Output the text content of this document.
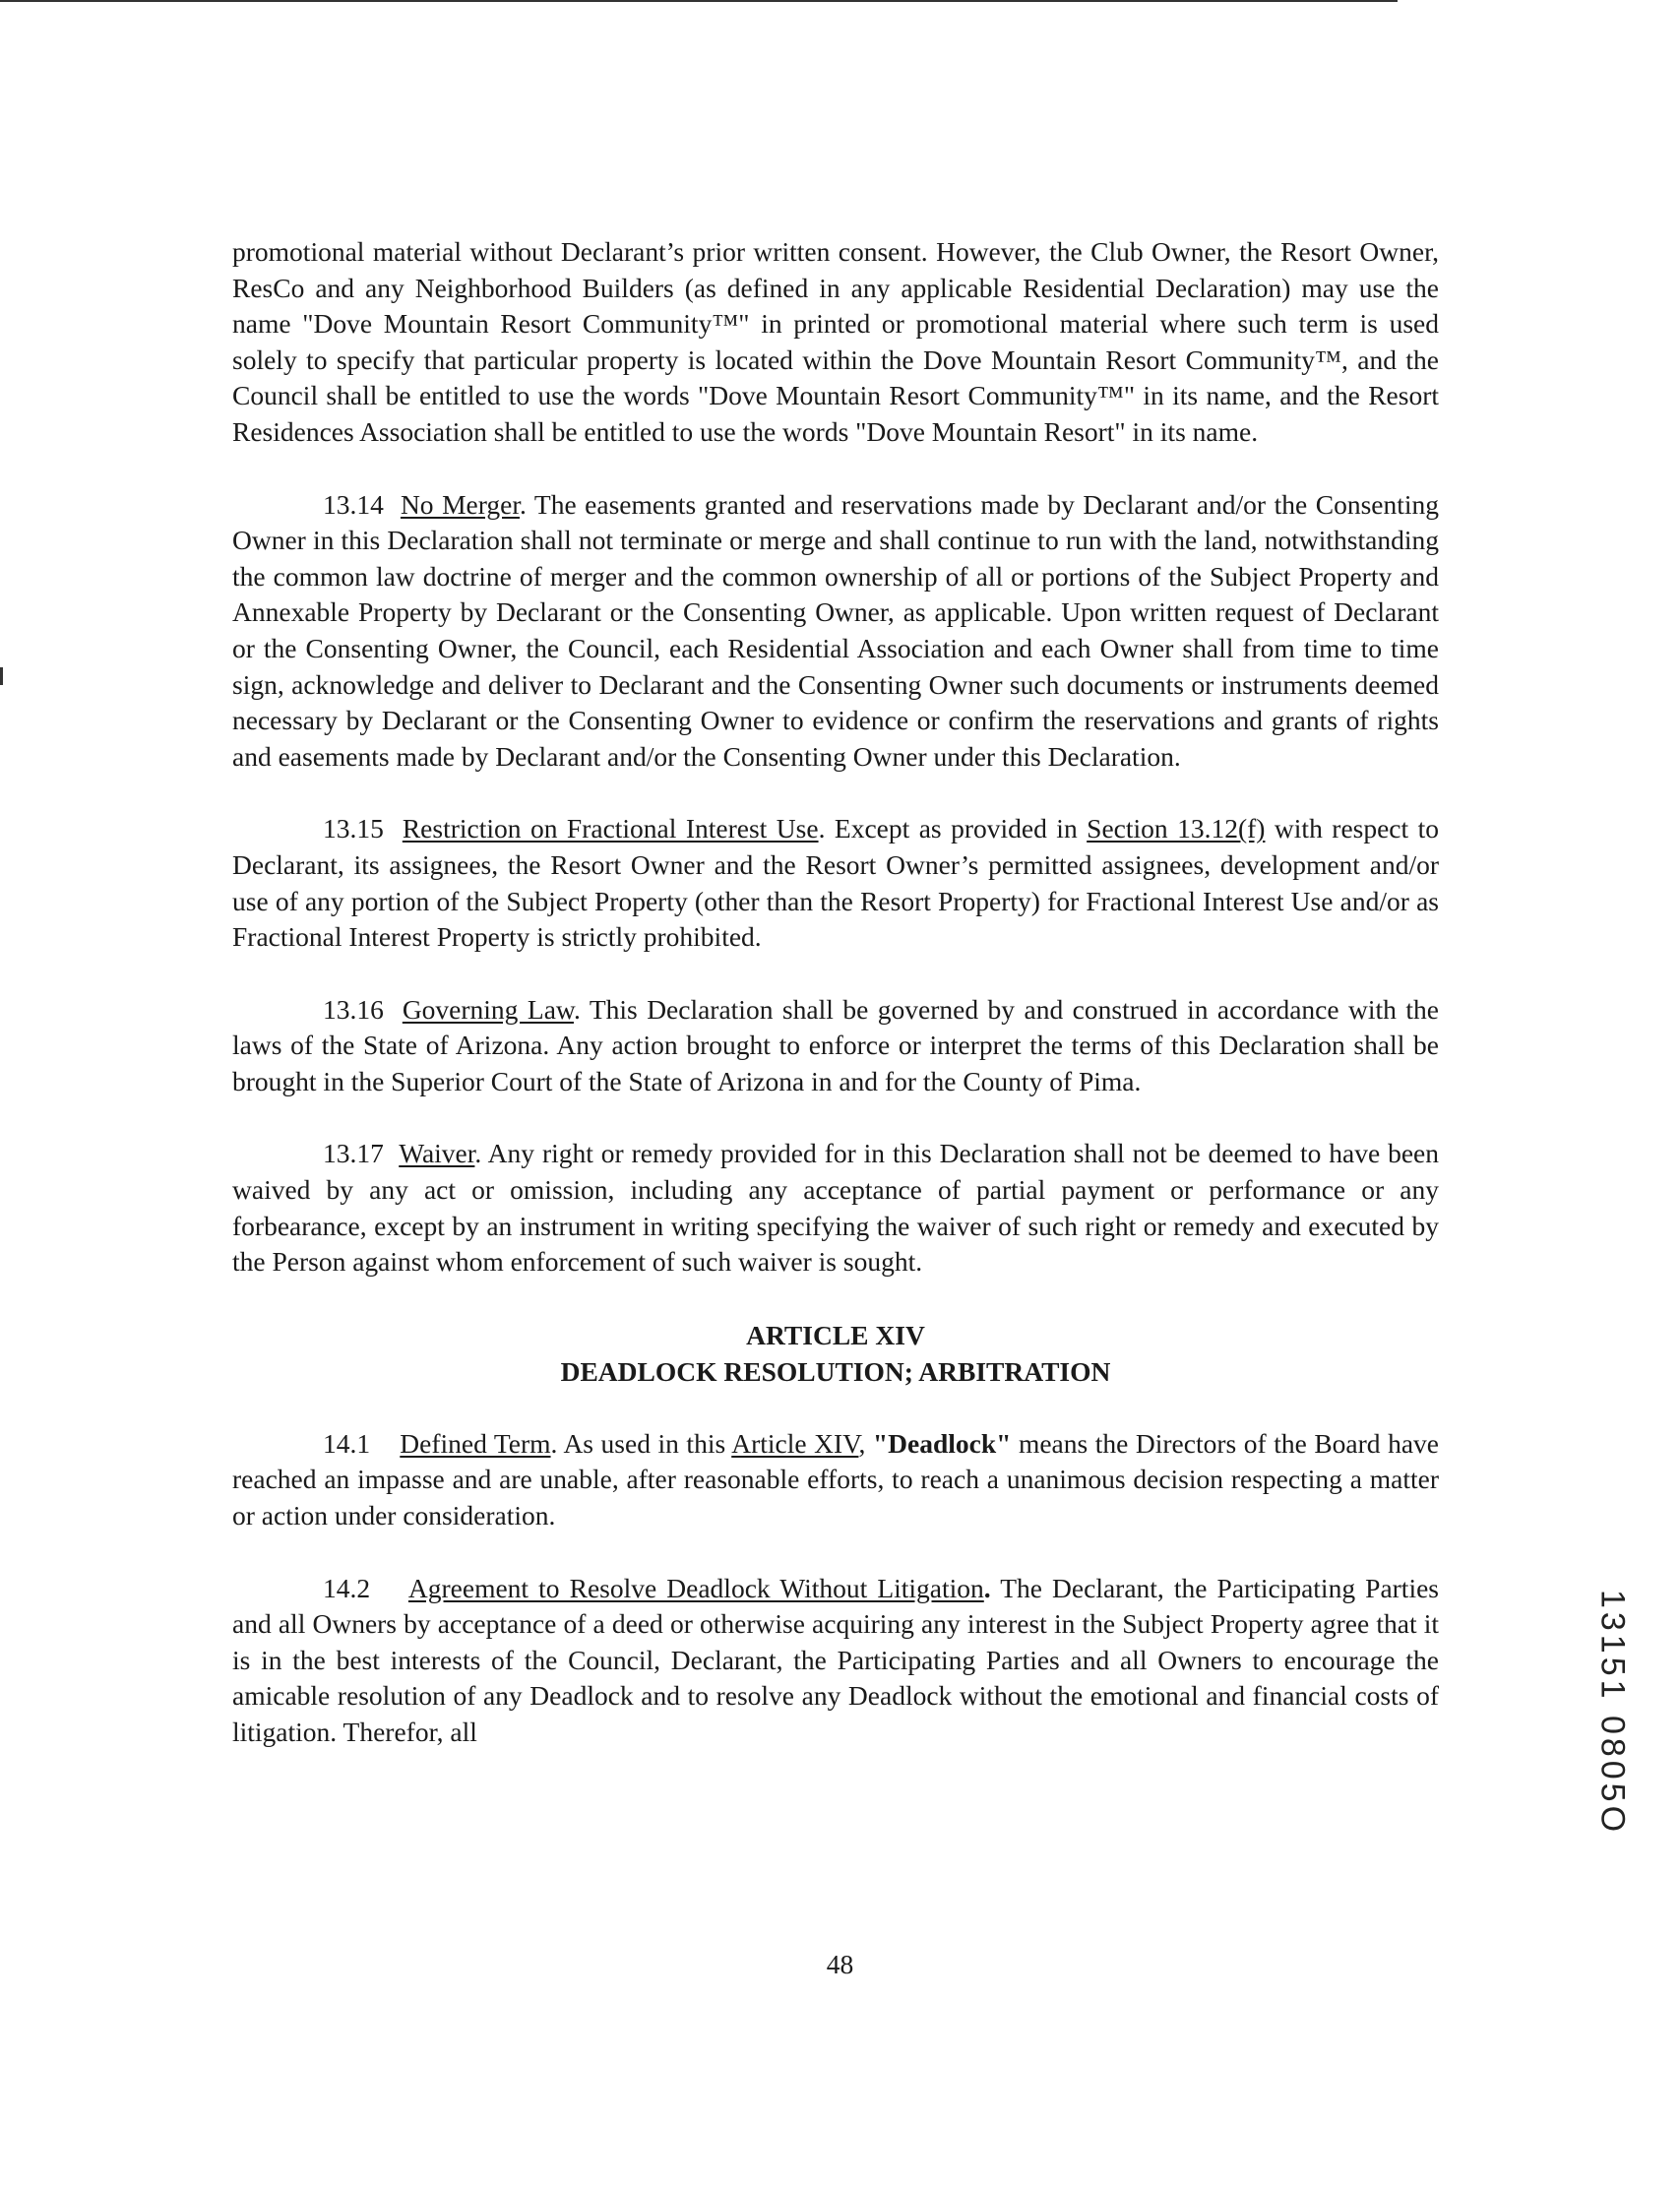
promotional material without Declarant’s prior written consent. However, the Club Owner, the Resort Owner, ResCo and any Neighborhood Builders (as defined in any applicable Residential Declaration) may use the name "Dove Mountain Resort Community™" in printed or promotional material where such term is used solely to specify that particular property is located within the Dove Mountain Resort Community™, and the Council shall be entitled to use the words "Dove Mountain Resort Community™" in its name, and the Resort Residences Association shall be entitled to use the words "Dove Mountain Resort" in its name.

13.14 No Merger. The easements granted and reservations made by Declarant and/or the Consenting Owner in this Declaration shall not terminate or merge and shall continue to run with the land, notwithstanding the common law doctrine of merger and the common ownership of all or portions of the Subject Property and Annexable Property by Declarant or the Consenting Owner, as applicable. Upon written request of Declarant or the Consenting Owner, the Council, each Residential Association and each Owner shall from time to time sign, acknowledge and deliver to Declarant and the Consenting Owner such documents or instruments deemed necessary by Declarant or the Consenting Owner to evidence or confirm the reservations and grants of rights and easements made by Declarant and/or the Consenting Owner under this Declaration.

13.15 Restriction on Fractional Interest Use. Except as provided in Section 13.12(f) with respect to Declarant, its assignees, the Resort Owner and the Resort Owner’s permitted assignees, development and/or use of any portion of the Subject Property (other than the Resort Property) for Fractional Interest Use and/or as Fractional Interest Property is strictly prohibited.

13.16 Governing Law. This Declaration shall be governed by and construed in accordance with the laws of the State of Arizona. Any action brought to enforce or interpret the terms of this Declaration shall be brought in the Superior Court of the State of Arizona in and for the County of Pima.

13.17 Waiver. Any right or remedy provided for in this Declaration shall not be deemed to have been waived by any act or omission, including any acceptance of partial payment or performance or any forbearance, except by an instrument in writing specifying the waiver of such right or remedy and executed by the Person against whom enforcement of such waiver is sought.

ARTICLE XIV
DEADLOCK RESOLUTION; ARBITRATION

14.1 Defined Term. As used in this Article XIV, "Deadlock" means the Directors of the Board have reached an impasse and are unable, after reasonable efforts, to reach a unanimous decision respecting a matter or action under consideration.

14.2 Agreement to Resolve Deadlock Without Litigation. The Declarant, the Participating Parties and all Owners by acceptance of a deed or otherwise acquiring any interest in the Subject Property agree that it is in the best interests of the Council, Declarant, the Participating Parties and all Owners to encourage the amicable resolution of any Deadlock and to resolve any Deadlock without the emotional and financial costs of litigation. Therefor, all

48
13151 0805O
